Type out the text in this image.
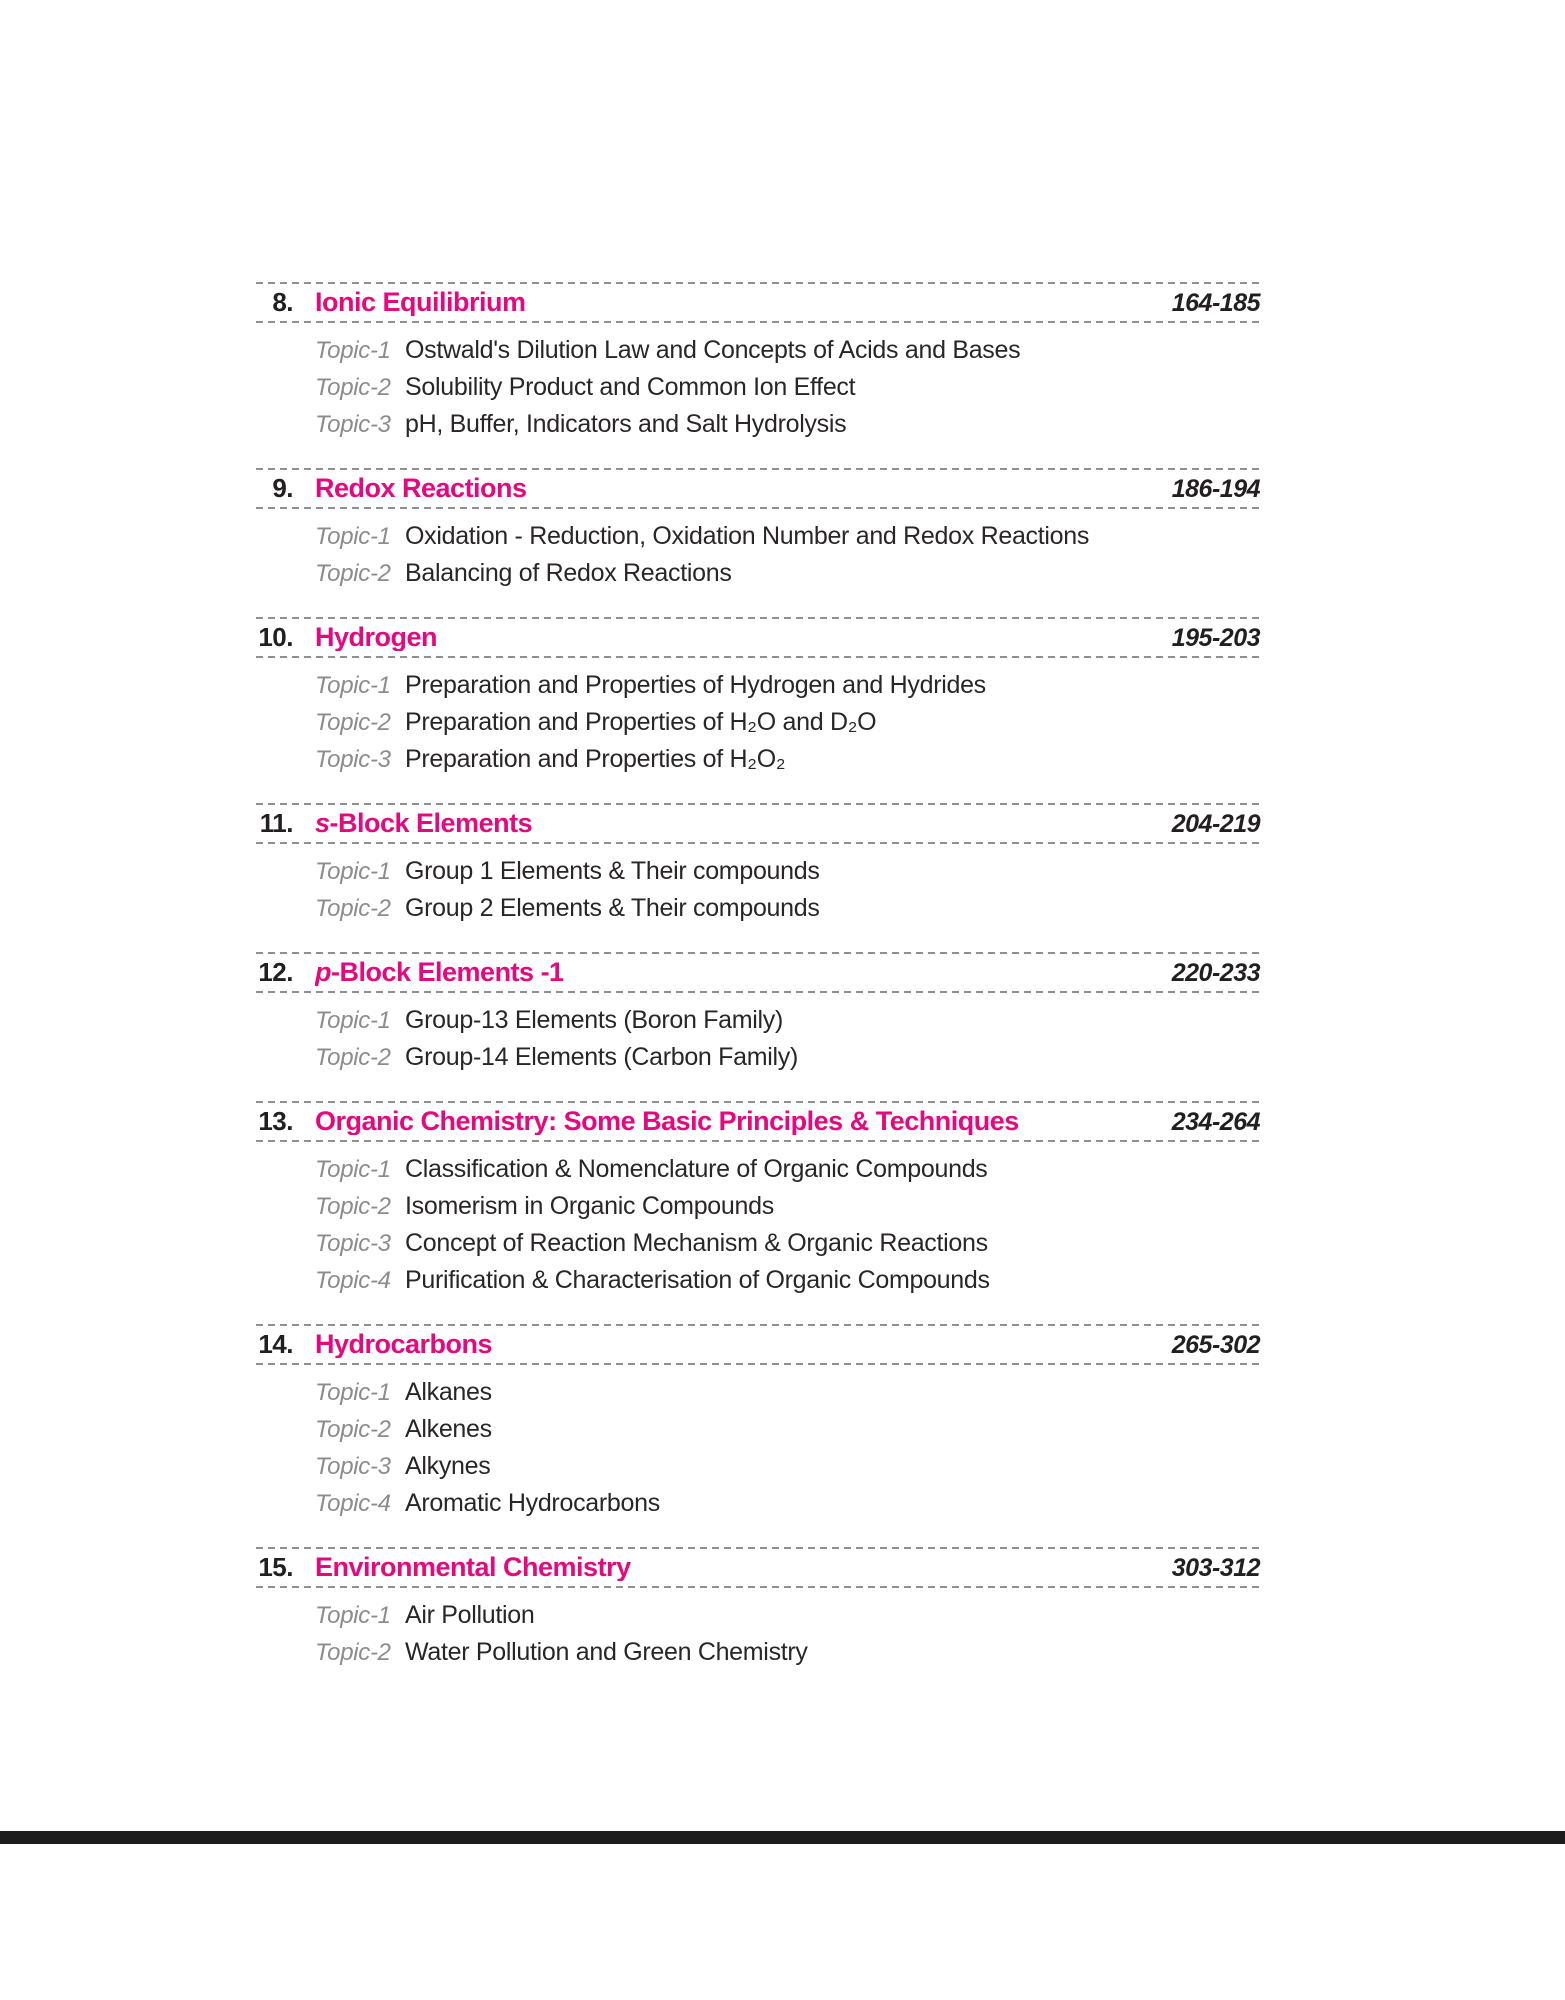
8. Ionic Equilibrium	164-185
Topic-1 Ostwald's Dilution Law and Concepts of Acids and Bases
Topic-2 Solubility Product and Common Ion Effect
Topic-3 pH, Buffer, Indicators and Salt Hydrolysis
9. Redox Reactions	186-194
Topic-1 Oxidation - Reduction, Oxidation Number and Redox Reactions
Topic-2 Balancing of Redox Reactions
10. Hydrogen	195-203
Topic-1 Preparation and Properties of Hydrogen and Hydrides
Topic-2 Preparation and Properties of H₂O and D₂O
Topic-3 Preparation and Properties of H₂O₂
11. s-Block Elements	204-219
Topic-1 Group 1 Elements & Their compounds
Topic-2 Group 2 Elements & Their compounds
12. p-Block Elements -1	220-233
Topic-1 Group-13 Elements (Boron Family)
Topic-2 Group-14 Elements (Carbon Family)
13. Organic Chemistry: Some Basic Principles & Techniques	234-264
Topic-1 Classification & Nomenclature of Organic Compounds
Topic-2 Isomerism in Organic Compounds
Topic-3 Concept of Reaction Mechanism & Organic Reactions
Topic-4 Purification & Characterisation of Organic Compounds
14. Hydrocarbons	265-302
Topic-1 Alkanes
Topic-2 Alkenes
Topic-3 Alkynes
Topic-4 Aromatic Hydrocarbons
15. Environmental Chemistry	303-312
Topic-1 Air Pollution
Topic-2 Water Pollution and Green Chemistry
